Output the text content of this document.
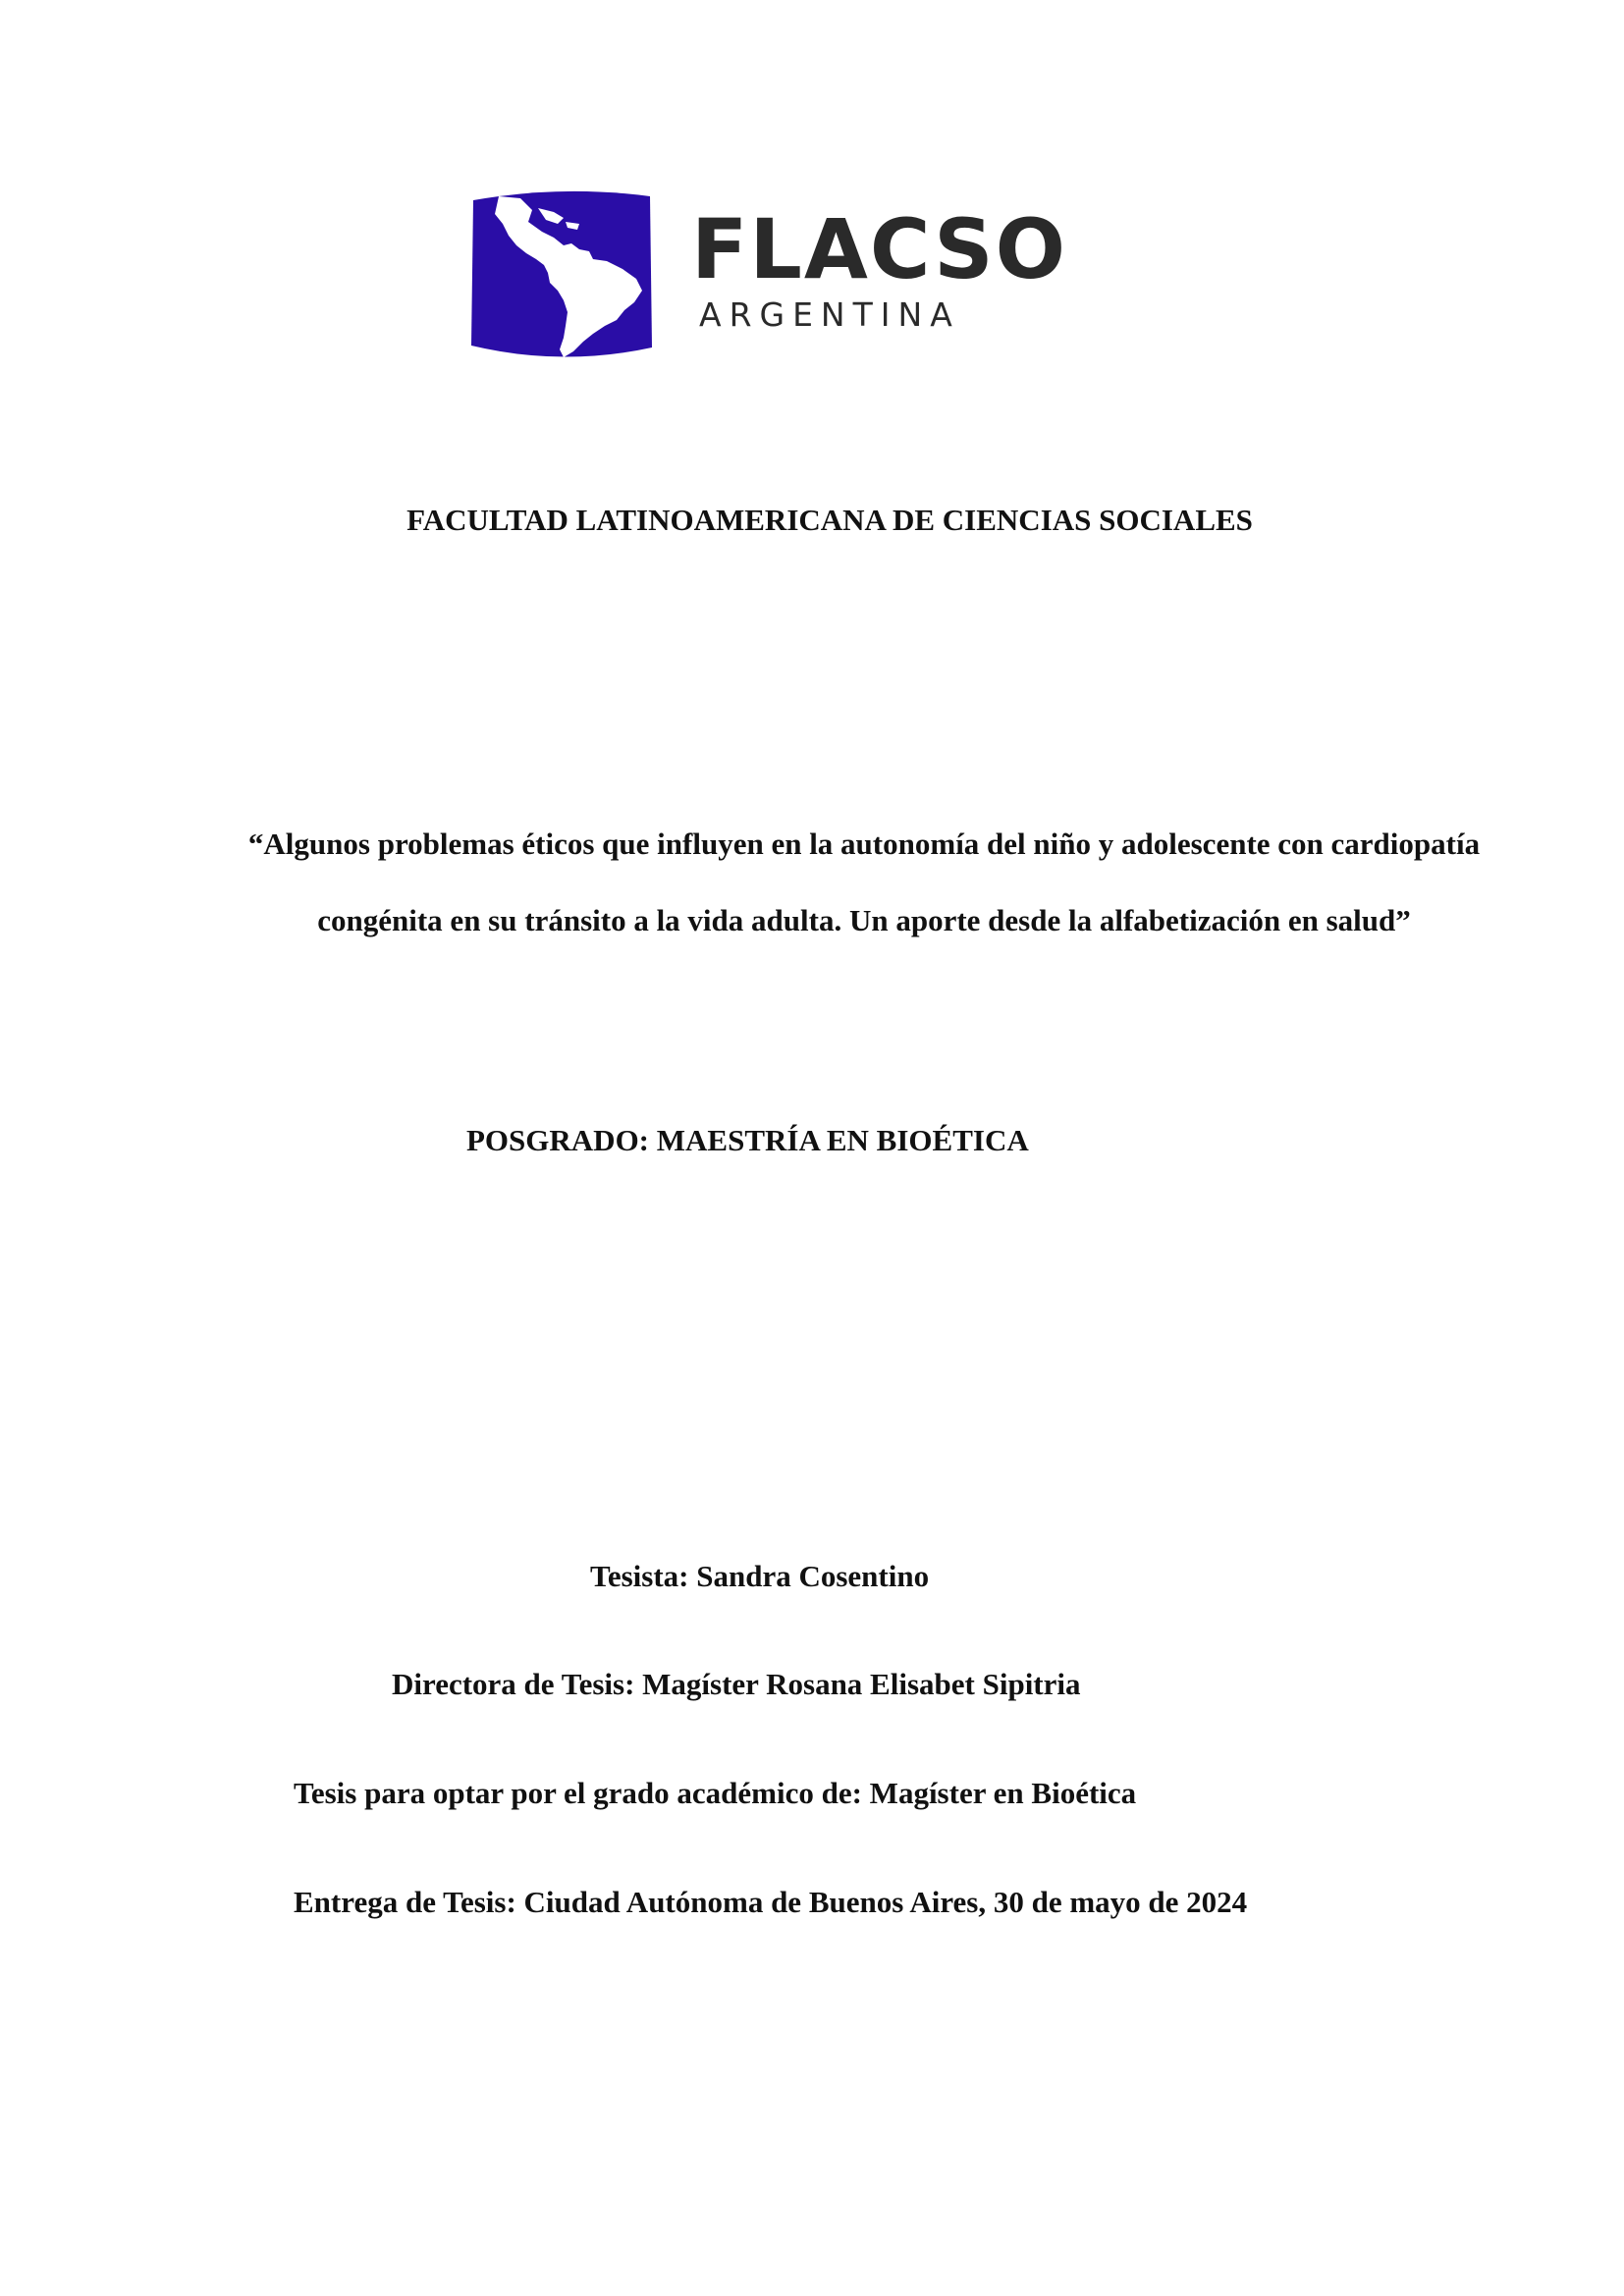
FLACSO
ARGENTINA
FACULTAD LATINOAMERICANA DE CIENCIAS SOCIALES
“Algunos problemas éticos que influyen en la autonomía del niño y adolescente con cardiopatía
congénita en su tránsito a la vida adulta. Un aporte desde la alfabetización en salud”
POSGRADO: MAESTRÍA EN BIOÉTICA
Tesista: Sandra Cosentino
Directora de Tesis: Magíster Rosana Elisabet Sipitria
Tesis para optar por el grado académico de: Magíster en Bioética
Entrega de Tesis: Ciudad Autónoma de Buenos Aires, 30 de mayo de 2024
